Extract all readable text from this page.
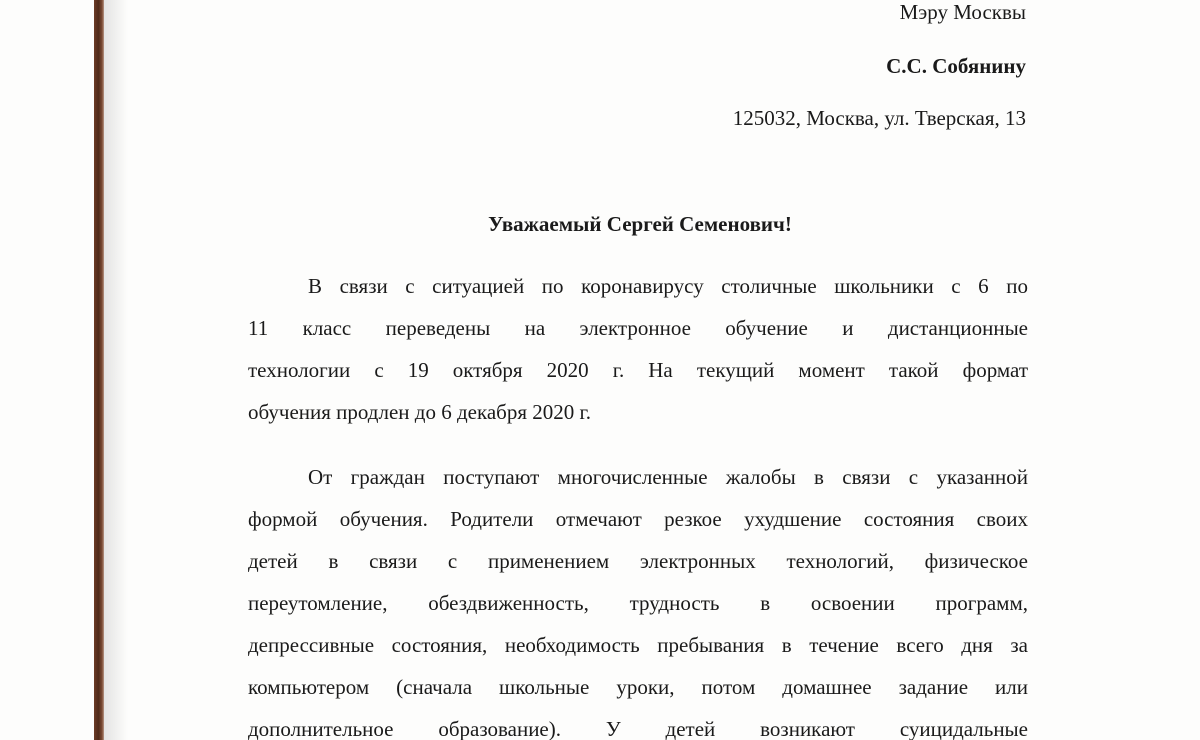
Мэру Москвы
С.С. Собянину
125032, Москва, ул. Тверская, 13
Уважаемый Сергей Семенович!
В связи с ситуацией по коронавирусу столичные школьники с 6 по
11 класс переведены на электронное обучение и дистанционные
технологии с 19 октября 2020 г. На текущий момент такой формат
обучения продлен до 6 декабря 2020 г.
От граждан поступают многочисленные жалобы в связи с указанной
формой обучения. Родители отмечают резкое ухудшение состояния своих
детей в связи с применением электронных технологий, физическое
переутомление, обездвиженность, трудность в освоении программ,
депрессивные состояния, необходимость пребывания в течение всего дня за
компьютером (сначала школьные уроки, потом домашнее задание или
дополнительное образование). У детей возникают суицидальные
